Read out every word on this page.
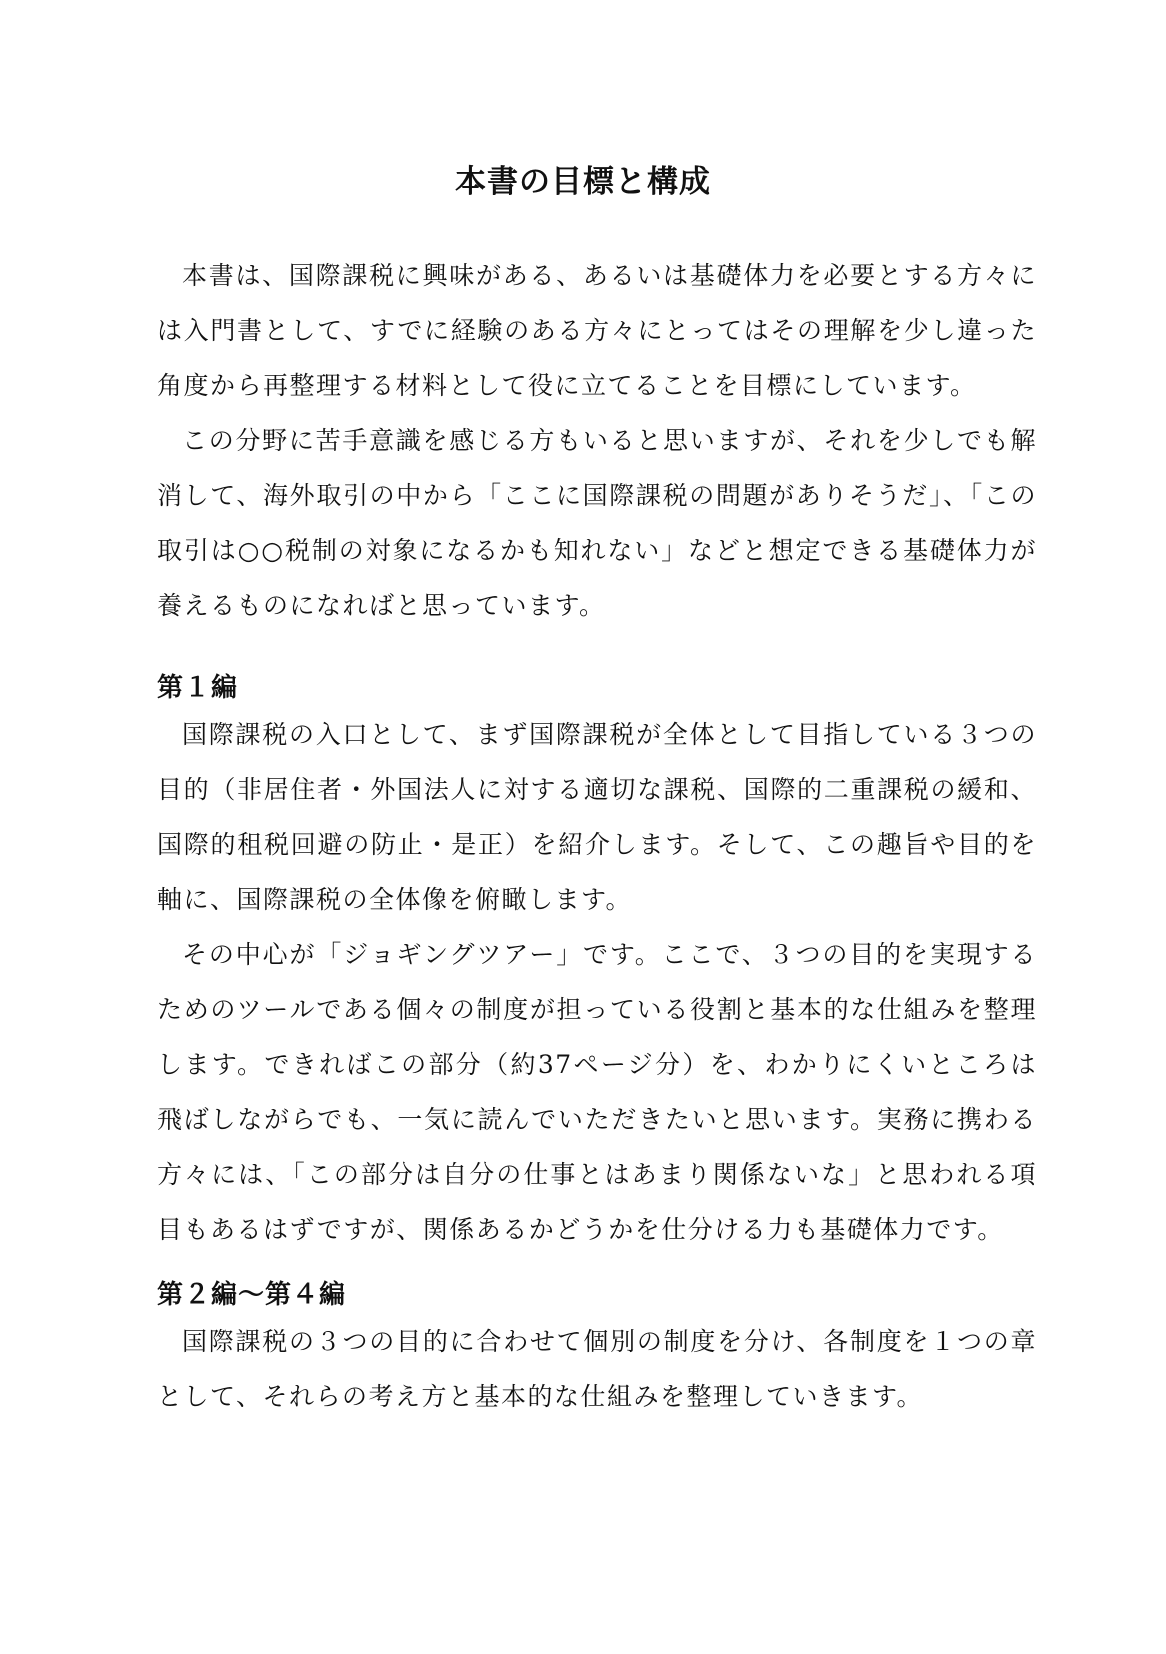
本書の目標と構成

本書は、国際課税に興味がある、あるいは基礎体力を必要とする方々には入門書として、すでに経験のある方々にとってはその理解を少し違った角度から再整理する材料として役に立てることを目標にしています。

この分野に苦手意識を感じる方もいると思いますが、それを少しでも解消して、海外取引の中から「ここに国際課税の問題がありそうだ」、「この取引は○○税制の対象になるかも知れない」などと想定できる基礎体力が養えるものになればと思っています。

第１編

国際課税の入口として、まず国際課税が全体として目指している３つの目的（非居住者・外国法人に対する適切な課税、国際的二重課税の緩和、国際的租税回避の防止・是正）を紹介します。そして、この趣旨や目的を軸に、国際課税の全体像を俯瞰します。

その中心が「ジョギングツアー」です。ここで、３つの目的を実現するためのツールである個々の制度が担っている役割と基本的な仕組みを整理します。できればこの部分（約37ページ分）を、わかりにくいところは飛ばしながらでも、一気に読んでいただきたいと思います。実務に携わる方々には、「この部分は自分の仕事とはあまり関係ないな」と思われる項目もあるはずですが、関係あるかどうかを仕分ける力も基礎体力です。

第２編〜第４編

国際課税の３つの目的に合わせて個別の制度を分け、各制度を１つの章として、それらの考え方と基本的な仕組みを整理していきます。
